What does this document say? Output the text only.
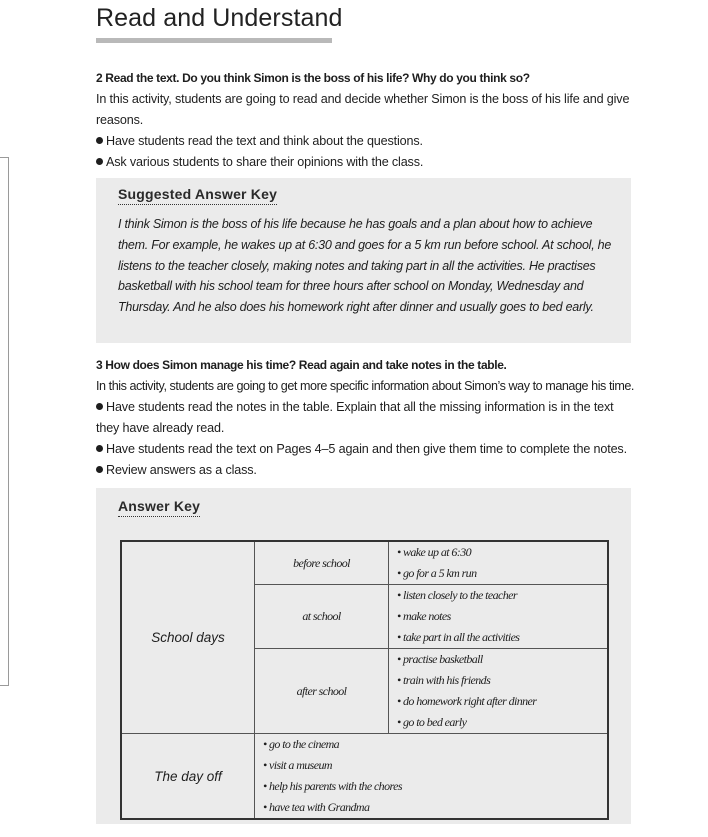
Read and Understand

2 Read the text. Do you think Simon is the boss of his life? Why do you think so?

In this activity, students are going to read and decide whether Simon is the boss of his life and give reasons.

Have students read the text and think about the questions.

Ask various students to share their opinions with the class.

Suggested Answer Key
I think Simon is the boss of his life because he has goals and a plan about how to achieve them. For example, he wakes up at 6:30 and goes for a 5 km run before school. At school, he listens to the teacher closely, making notes and taking part in all the activities. He practises basketball with his school team for three hours after school on Monday, Wednesday and Thursday. And he also does his homework right after dinner and usually goes to bed early.

3 How does Simon manage his time? Read again and take notes in the table.

In this activity, students are going to get more specific information about Simon’s way to manage his time.

Have students read the notes in the table. Explain that all the missing information is in the text they have already read.

Have students read the text on Pages 4–5 again and then give them time to complete the notes.

Review answers as a class.

Answer Key
School days	before school	• wake up at 6:30
• go for a 5 km run

	at school	• listen closely to the teacher
• make notes
• take part in all the activities

	after school	• practise basketball
• train with his friends
• do homework right after dinner
• go to bed early

The day off	• go to the cinema
• visit a museum
• help his parents with the chores
• have tea with Grandma	
